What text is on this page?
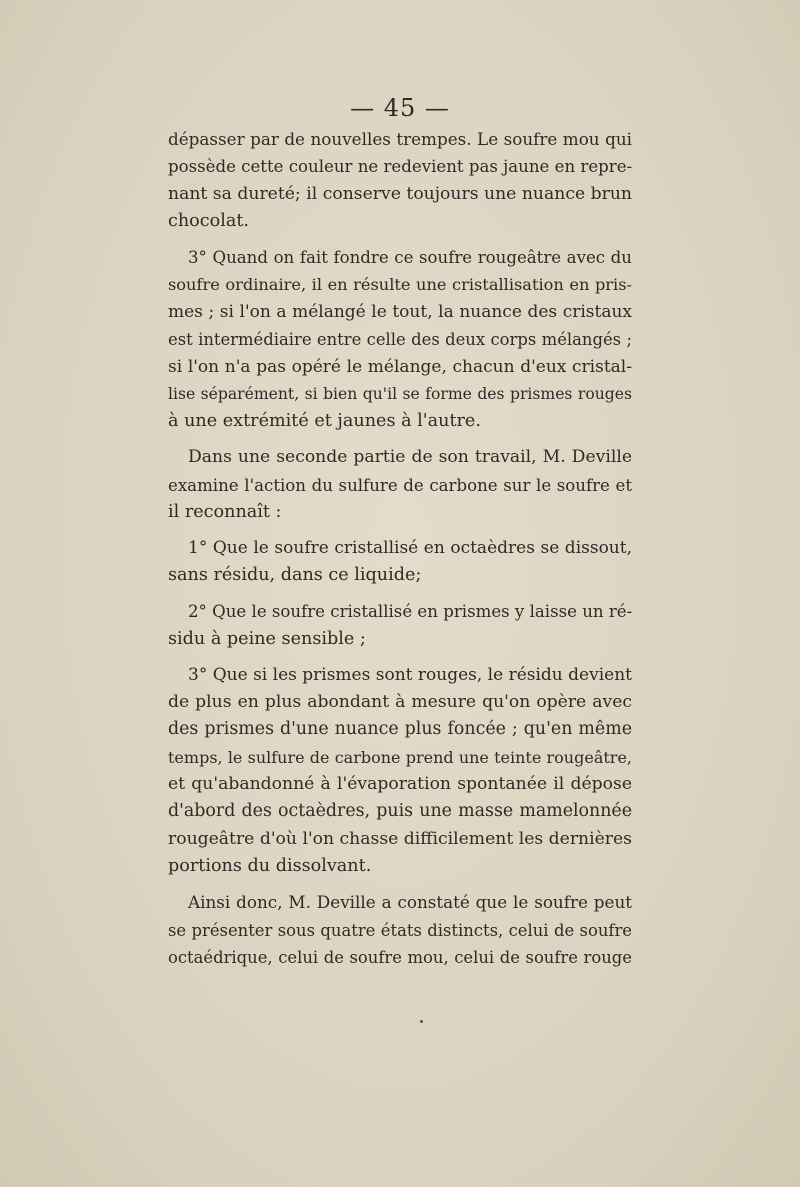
— 45 —
dépasser par de nouvelles trempes. Le soufre mou qui
possède cette couleur ne redevient pas jaune en repre-
nant sa dureté; il conserve toujours une nuance brun
chocolat.
3° Quand on fait fondre ce soufre rougeâtre avec du
soufre ordinaire, il en résulte une cristallisation en pris-
mes ; si l'on a mélangé le tout, la nuance des cristaux
est intermédiaire entre celle des deux corps mélangés ;
si l'on n'a pas opéré le mélange, chacun d'eux cristal-
lise séparément, si bien qu'il se forme des prismes rouges
à une extrémité et jaunes à l'autre.
Dans une seconde partie de son travail, M. Deville
examine l'action du sulfure de carbone sur le soufre et
il reconnaît :
1° Que le soufre cristallisé en octaèdres se dissout,
sans résidu, dans ce liquide;
2° Que le soufre cristallisé en prismes y laisse un ré-
sidu à peine sensible ;
3° Que si les prismes sont rouges, le résidu devient
de plus en plus abondant à mesure qu'on opère avec
des prismes d'une nuance plus foncée ; qu'en même
temps, le sulfure de carbone prend une teinte rougeâtre,
et qu'abandonné à l'évaporation spontanée il dépose
d'abord des octaèdres, puis une masse mamelonnée
rougeâtre d'où l'on chasse difficilement les dernières
portions du dissolvant.
Ainsi donc, M. Deville a constaté que le soufre peut
se présenter sous quatre états distincts, celui de soufre
octaédrique, celui de soufre mou, celui de soufre rouge
